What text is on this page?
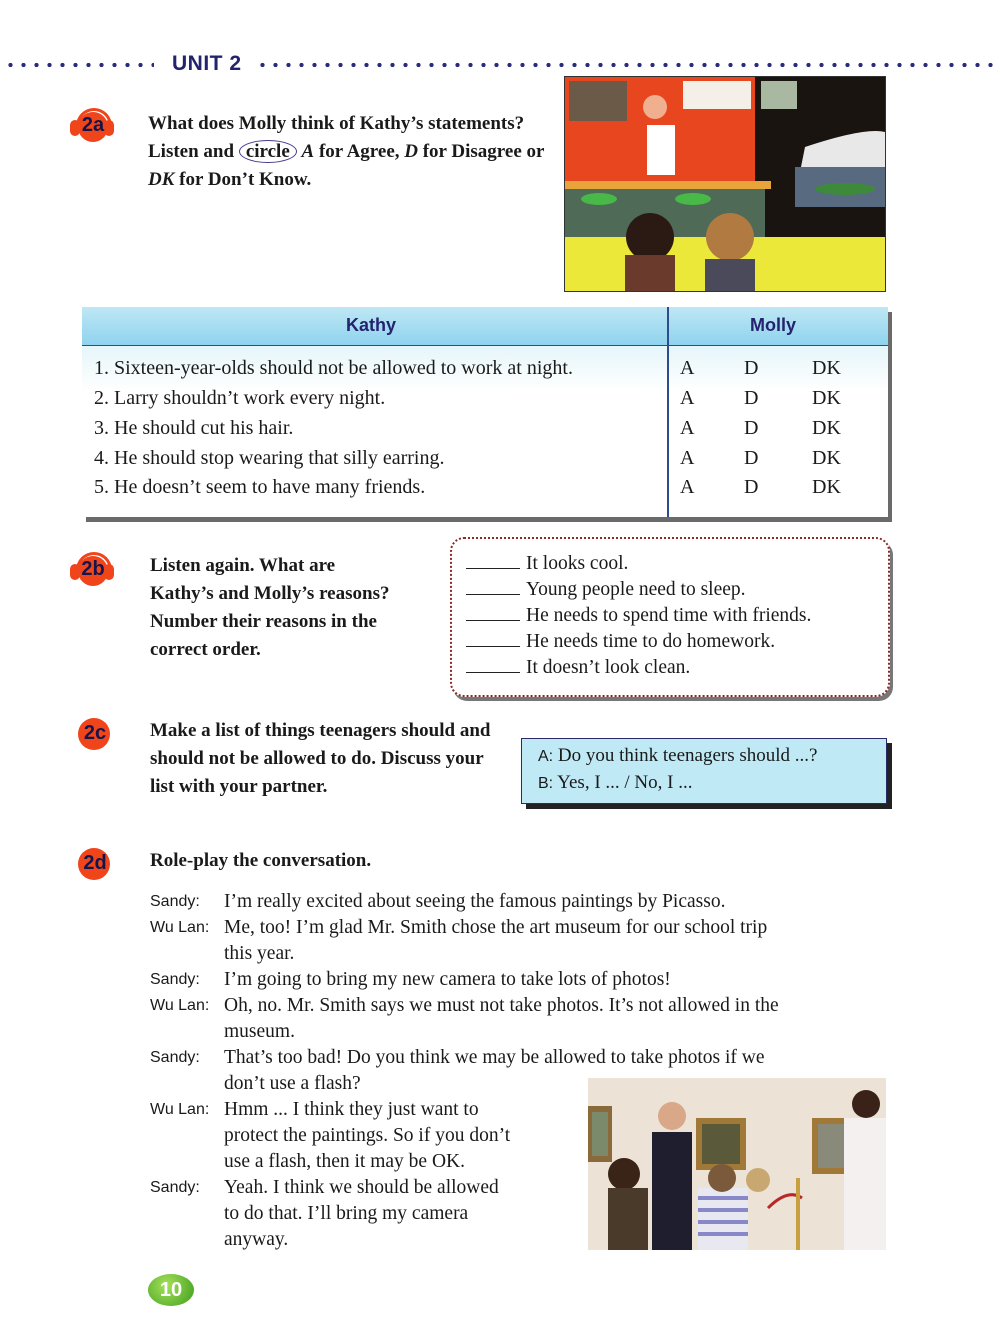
UNIT 2
2a	What does Molly think of Kathy’s statements? Listen and circle A for Agree, D for Disagree or DK for Don’t Know.
Kathy	Molly
1. Sixteen-year-olds should not be allowed to work at night.	A D	DK
2. Larry shouldn’t work every night.	A D	DK
3. He should cut his hair.	A D	DK
4. He should stop wearing that silly earring.	A D	DK
5. He doesn’t seem to have many friends.	A D	DK
2b	Listen again. What are Kathy’s and Molly’s reasons? Number their reasons in the correct order.
It looks cool.
Young people need to sleep.
He needs to spend time with friends.
He needs time to do homework.
It doesn’t look clean.
2c	Make a list of things teenagers should and should not be allowed to do. Discuss your list with your partner.
A: Do you think teenagers should ...?
B: Yes, I ... / No, I ...
2d	Role-play the conversation.
Sandy: I’m really excited about seeing the famous paintings by Picasso.
Wu Lan: Me, too! I’m glad Mr. Smith chose the art museum for our school trip
this year.
Sandy: I’m going to bring my new camera to take lots of photos!
Wu Lan: Oh, no. Mr. Smith says we must not take photos. It’s not allowed in the
museum.
Sandy: That’s too bad! Do you think we may be allowed to take photos if we
don’t use a flash?
Wu Lan: Hmm ... I think they just want to
protect the paintings. So if you don’t
use a flash, then it may be OK.
Sandy: Yeah. I think we should be allowed
to do that. I’ll bring my camera
anyway.
10
